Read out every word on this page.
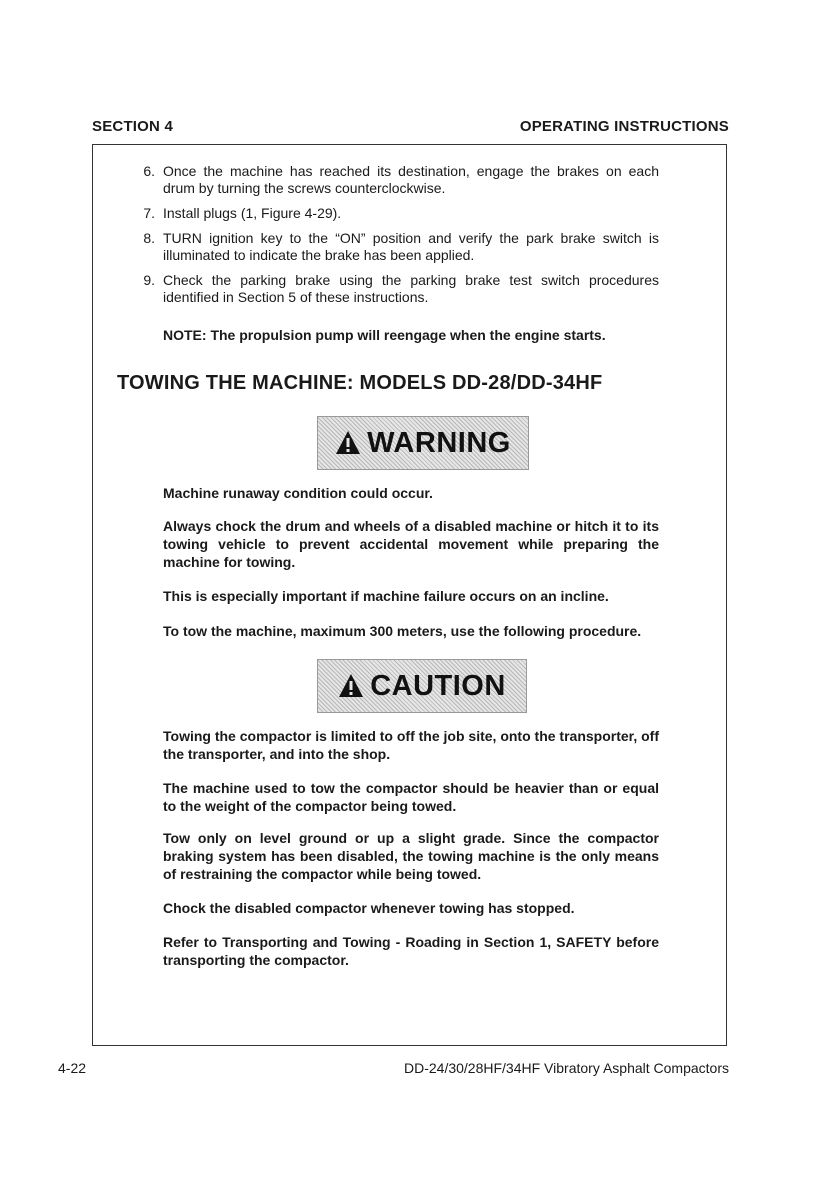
SECTION 4	OPERATING INSTRUCTIONS
6. Once the machine has reached its destination, engage the brakes on each drum by turning the screws counterclockwise.
7. Install plugs (1, Figure 4-29).
8. TURN ignition key to the “ON” position and verify the park brake switch is illuminated to indicate the brake has been applied.
9. Check the parking brake using the parking brake test switch procedures identified in Section 5 of these instructions.
NOTE: The propulsion pump will reengage when the engine starts.
TOWING THE MACHINE: MODELS DD-28/DD-34HF
WARNING

Machine runaway condition could occur.

Always chock the drum and wheels of a disabled machine or hitch it to its towing vehicle to prevent accidental movement while preparing the machine for towing.

This is especially important if machine failure occurs on an incline.

To tow the machine, maximum 300 meters, use the following procedure.

CAUTION

Towing the compactor is limited to off the job site, onto the transporter, off the transporter, and into the shop.

The machine used to tow the compactor should be heavier than or equal to the weight of the compactor being towed.

Tow only on level ground or up a slight grade. Since the compactor braking system has been disabled, the towing machine is the only means of restraining the compactor while being towed.

Chock the disabled compactor whenever towing has stopped.

Refer to Transporting and Towing - Roading in Section 1, SAFETY before transporting the compactor.

4-22	DD-24/30/28HF/34HF Vibratory Asphalt Compactors
